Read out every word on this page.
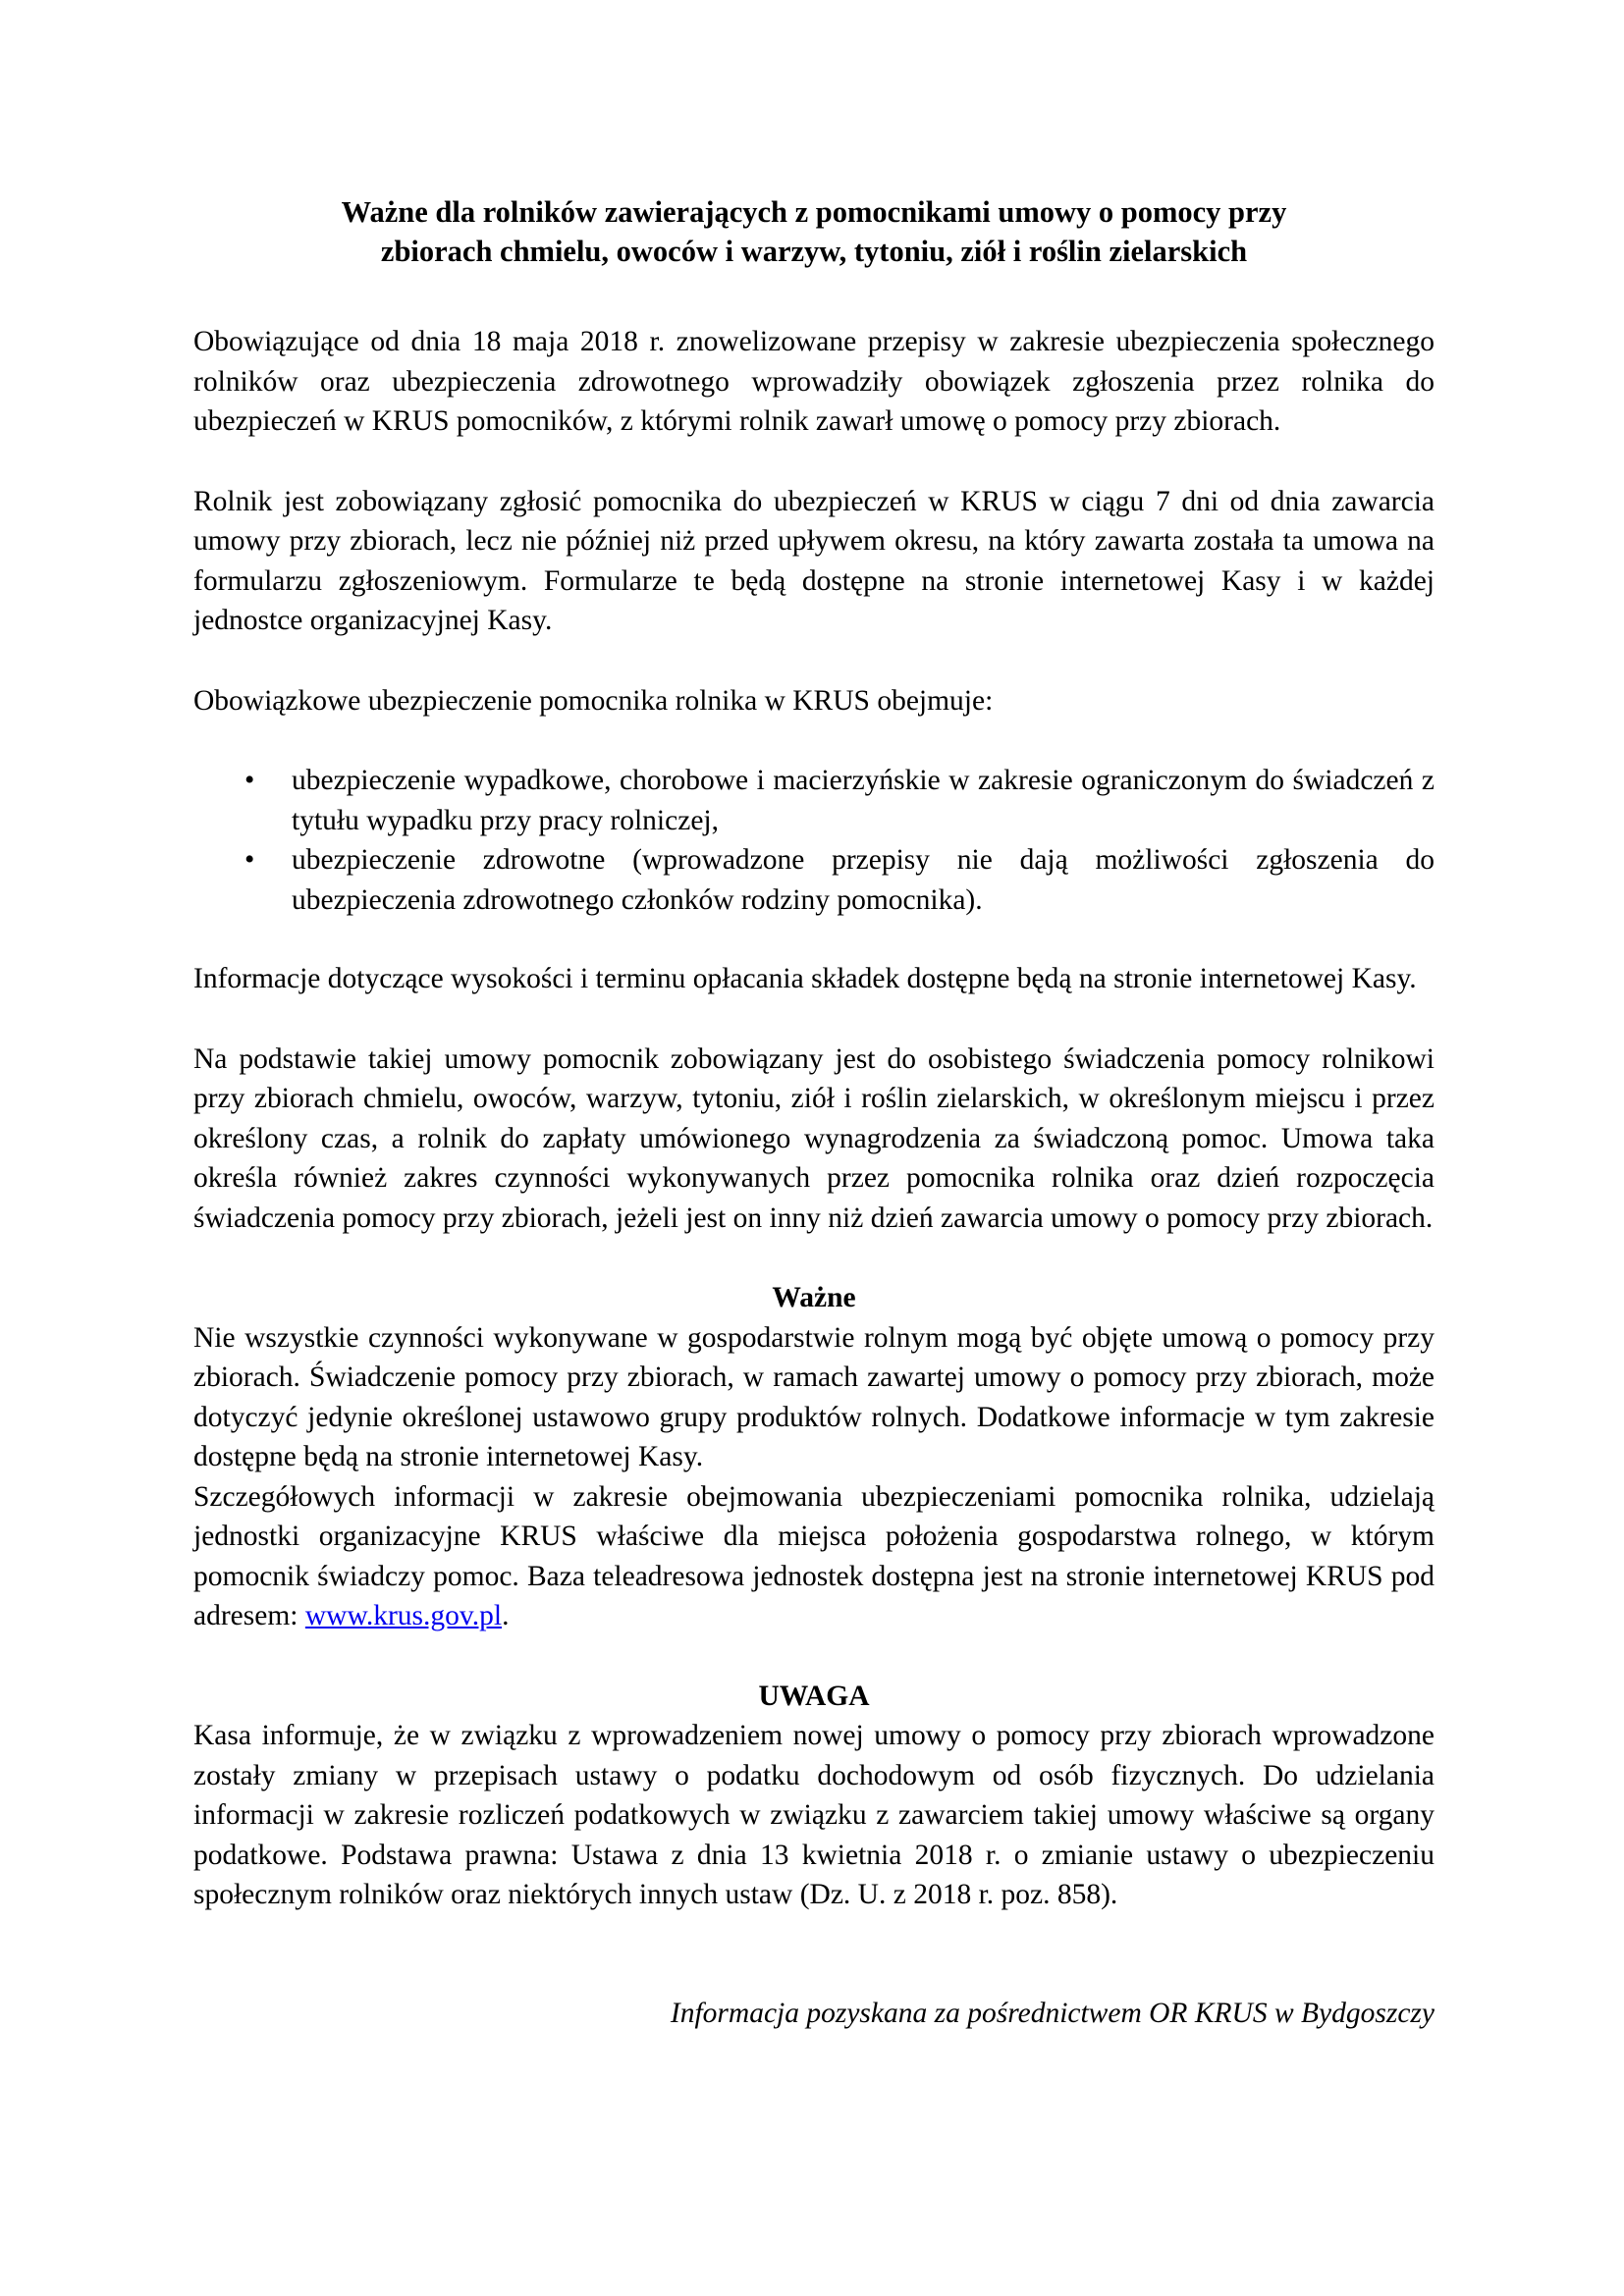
Ważne dla rolników zawierających z pomocnikami umowy o pomocy przy
zbiorach chmielu, owoców i warzyw, tytoniu, ziół i roślin zielarskich

Obowiązujące od dnia 18 maja 2018 r. znowelizowane przepisy w zakresie ubezpieczenia społecznego rolników oraz ubezpieczenia zdrowotnego wprowadziły obowiązek zgłoszenia przez rolnika do ubezpieczeń w KRUS pomocników, z którymi rolnik zawarł umowę o pomocy przy zbiorach.

Rolnik jest zobowiązany zgłosić pomocnika do ubezpieczeń w KRUS w ciągu 7 dni od dnia zawarcia umowy przy zbiorach, lecz nie później niż przed upływem okresu, na który zawarta została ta umowa na formularzu zgłoszeniowym. Formularze te będą dostępne na stronie internetowej Kasy i w każdej jednostce organizacyjnej Kasy.

Obowiązkowe ubezpieczenie pomocnika rolnika w KRUS obejmuje:

• ubezpieczenie wypadkowe, chorobowe i macierzyńskie w zakresie ograniczonym do świadczeń z tytułu wypadku przy pracy rolniczej,
• ubezpieczenie zdrowotne (wprowadzone przepisy nie dają możliwości zgłoszenia do ubezpieczenia zdrowotnego członków rodziny pomocnika).

Informacje dotyczące wysokości i terminu opłacania składek dostępne będą na stronie internetowej Kasy.

Na podstawie takiej umowy pomocnik zobowiązany jest do osobistego świadczenia pomocy rolnikowi przy zbiorach chmielu, owoców, warzyw, tytoniu, ziół i roślin zielarskich, w określonym miejscu i przez określony czas, a rolnik do zapłaty umówionego wynagrodzenia za świadczoną pomoc. Umowa taka określa również zakres czynności wykonywanych przez pomocnika rolnika oraz dzień rozpoczęcia świadczenia pomocy przy zbiorach, jeżeli jest on inny niż dzień zawarcia umowy o pomocy przy zbiorach.

Ważne

Nie wszystkie czynności wykonywane w gospodarstwie rolnym mogą być objęte umową o pomocy przy zbiorach. Świadczenie pomocy przy zbiorach, w ramach zawartej umowy o pomocy przy zbiorach, może dotyczyć jedynie określonej ustawowo grupy produktów rolnych. Dodatkowe informacje w tym zakresie dostępne będą na stronie internetowej Kasy.

Szczegółowych informacji w zakresie obejmowania ubezpieczeniami pomocnika rolnika, udzielają jednostki organizacyjne KRUS właściwe dla miejsca położenia gospodarstwa rolnego, w którym pomocnik świadczy pomoc. Baza teleadresowa jednostek dostępna jest na stronie internetowej KRUS pod adresem: www.krus.gov.pl.

UWAGA

Kasa informuje, że w związku z wprowadzeniem nowej umowy o pomocy przy zbiorach wprowadzone zostały zmiany w przepisach ustawy o podatku dochodowym od osób fizycznych. Do udzielania informacji w zakresie rozliczeń podatkowych w związku z zawarciem takiej umowy właściwe są organy podatkowe. Podstawa prawna: Ustawa z dnia 13 kwietnia 2018 r. o zmianie ustawy o ubezpieczeniu społecznym rolników oraz niektórych innych ustaw (Dz. U. z 2018 r. poz. 858).

Informacja pozyskana za pośrednictwem OR KRUS w Bydgoszczy
